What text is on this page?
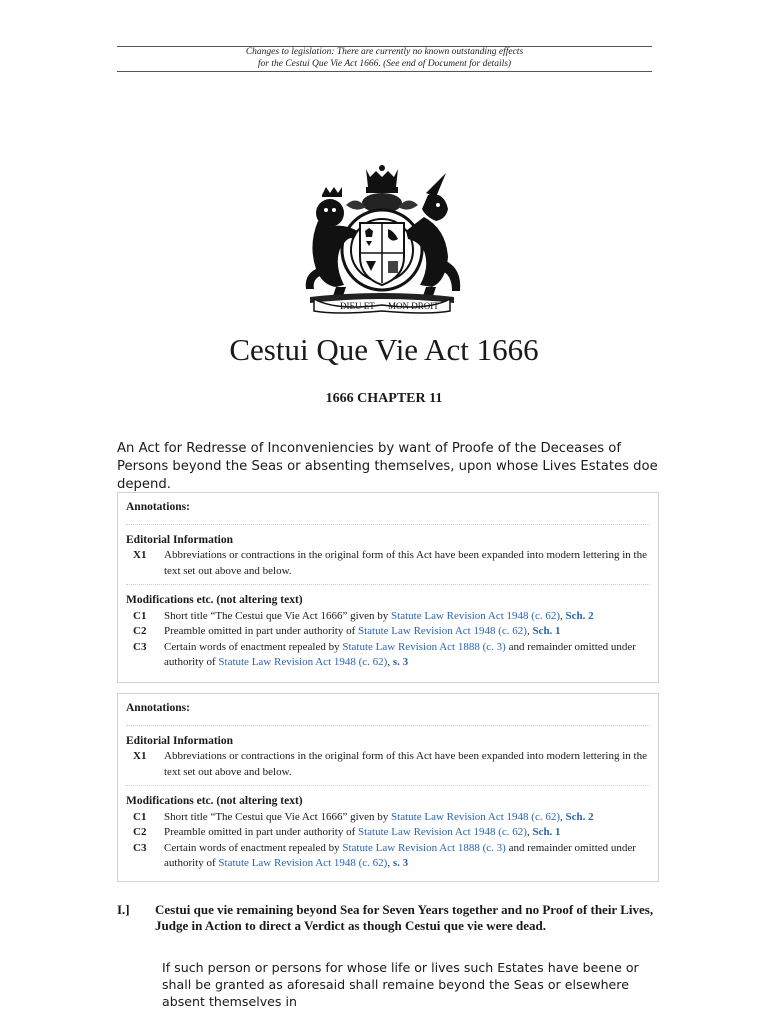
Changes to legislation: There are currently no known outstanding effects
for the Cestui Que Vie Act 1666. (See end of Document for details)
DIEU ET MON DROIT
Cestui Que Vie Act 1666
1666 CHAPTER 11
An Act for Redresse of Inconveniencies by want of Proofe of the Deceases of Persons beyond the Seas or absenting themselves, upon whose Lives Estates doe depend.
Annotations:
Editorial Information
X1	Abbreviations or contractions in the original form of this Act have been expanded into modern lettering in the text set out above and below.
Modifications etc. (not altering text)
C1	Short title “The Cestui que Vie Act 1666” given by Statute Law Revision Act 1948 (c. 62), Sch. 2
C2	Preamble omitted in part under authority of Statute Law Revision Act 1948 (c. 62), Sch. 1
C3	Certain words of enactment repealed by Statute Law Revision Act 1888 (c. 3) and remainder omitted under authority of Statute Law Revision Act 1948 (c. 62), s. 3
Annotations:
Editorial Information
X1	Abbreviations or contractions in the original form of this Act have been expanded into modern lettering in the text set out above and below.
Modifications etc. (not altering text)
C1	Short title “The Cestui que Vie Act 1666” given by Statute Law Revision Act 1948 (c. 62), Sch. 2
C2	Preamble omitted in part under authority of Statute Law Revision Act 1948 (c. 62), Sch. 1
C3	Certain words of enactment repealed by Statute Law Revision Act 1888 (c. 3) and remainder omitted under authority of Statute Law Revision Act 1948 (c. 62), s. 3
I.] Cestui que vie remaining beyond Sea for Seven Years together and no Proof of their Lives, Judge in Action to direct a Verdict as though Cestui que vie were dead.
If such person or persons for whose life or lives such Estates have beene or shall be granted as aforesaid shall remaine beyond the Seas or elsewhere absent themselves in
